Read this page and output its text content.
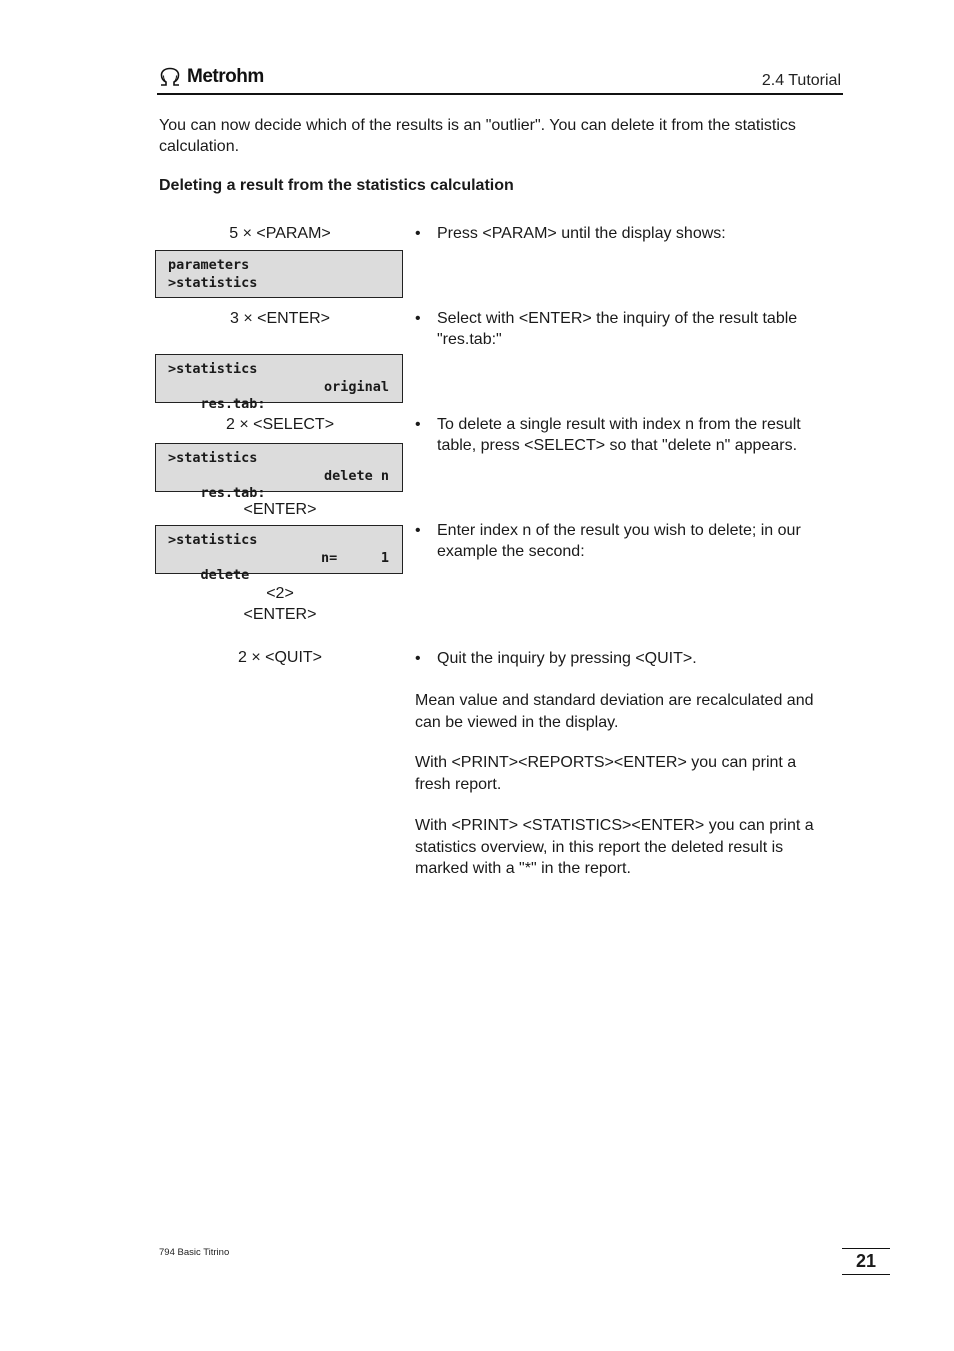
Metrohm	2.4 Tutorial
You can now decide which of the results is an "outlier". You can delete it from the statistics calculation.
Deleting a result from the statistics calculation
5 × <PARAM>	• Press <PARAM> until the display shows:
parameters
>statistics
3 × <ENTER>	• Select with <ENTER> the inquiry of the result table "res.tab:"
>statistics

res.tab:

original

2 × <SELECT>	• To delete a single result with index n from the result table, press <SELECT> so that "delete n" appears.
>statistics

res.tab:

delete n

<ENTER>
>statistics

delete

n=

	1

• Enter index n of the result you wish to delete; in our example the second:
<2>
<ENTER>
2 × <QUIT>	• Quit the inquiry by pressing <QUIT>.
Mean value and standard deviation are recalculated and can be viewed in the display.
With <PRINT><REPORTS><ENTER> you can print a fresh report.
With <PRINT> <STATISTICS><ENTER> you can print a statistics overview, in this report the deleted result is marked with a "*" in the report.
794 Basic Titrino	21
